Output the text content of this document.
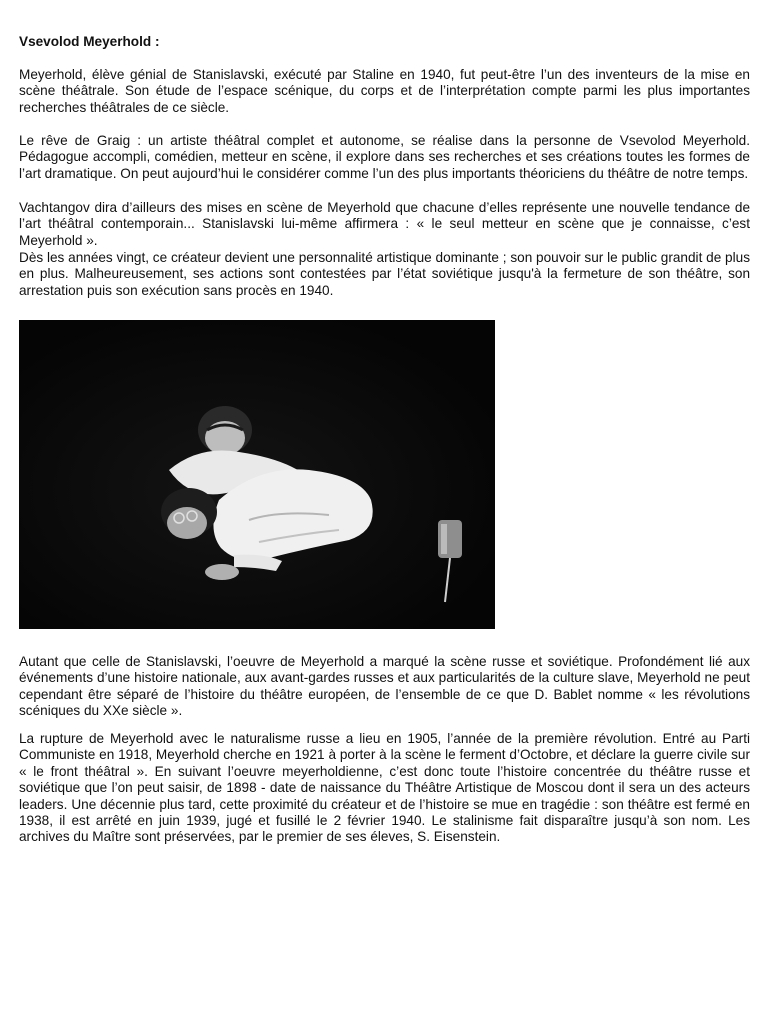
Vsevolod Meyerhold :

Meyerhold, élève génial de Stanislavski, exécuté par Staline en 1940, fut peut-être l’un des inventeurs de la mise en scène théâtrale. Son étude de l’espace scénique, du corps et de l’interprétation compte parmi les plus importantes recherches théâtrales de ce siècle.

Le rêve de Graig : un artiste théâtral complet et autonome, se réalise dans la personne de Vsevolod Meyerhold. Pédagogue accompli, comédien, metteur en scène, il explore dans ses recherches et ses créations toutes les formes de l’art dramatique. On peut aujourd’hui le considérer comme l’un des plus importants théoriciens du théâtre de notre temps.

Vachtangov dira d’ailleurs des mises en scène de Meyerhold que chacune d’elles représente une nouvelle tendance de l’art théâtral contemporain... Stanislavski lui-même affirmera : « le seul metteur en scène que je connaisse, c’est Meyerhold ».

Dès les années vingt, ce créateur devient une personnalité artistique dominante ; son pouvoir sur le public grandit de plus en plus. Malheureusement, ses actions sont contestées par l’état soviétique jusqu'à la fermeture de son théâtre, son arrestation puis son exécution sans procès en 1940.

Autant que celle de Stanislavski, l’oeuvre de Meyerhold a marqué la scène russe et soviétique. Profondément lié aux événements d’une histoire nationale, aux avant-gardes russes et aux particularités de la culture slave, Meyerhold ne peut cependant être séparé de l’histoire du théâtre européen, de l’ensemble de ce que D. Bablet nomme « les révolutions scéniques du XXe siècle ».

La rupture de Meyerhold avec le naturalisme russe a lieu en 1905, l’année de la première révolution. Entré au Parti Communiste en 1918, Meyerhold cherche en 1921 à porter à la scène le ferment d’Octobre, et déclare la guerre civile sur « le front théâtral ». En suivant l’oeuvre meyerholdienne, c’est donc toute l’histoire concentrée du théâtre russe et soviétique que l’on peut saisir, de 1898 - date de naissance du Théâtre Artistique de Moscou dont il sera un des acteurs leaders. Une décennie plus tard, cette proximité du créateur et de l’histoire se mue en tragédie : son théâtre est fermé en 1938, il est arrêté en juin 1939, jugé et fusillé le 2 février 1940. Le stalinisme fait disparaître jusqu’à son nom. Les archives du Maître sont préservées, par le premier de ses éleves, S. Eisenstein.
